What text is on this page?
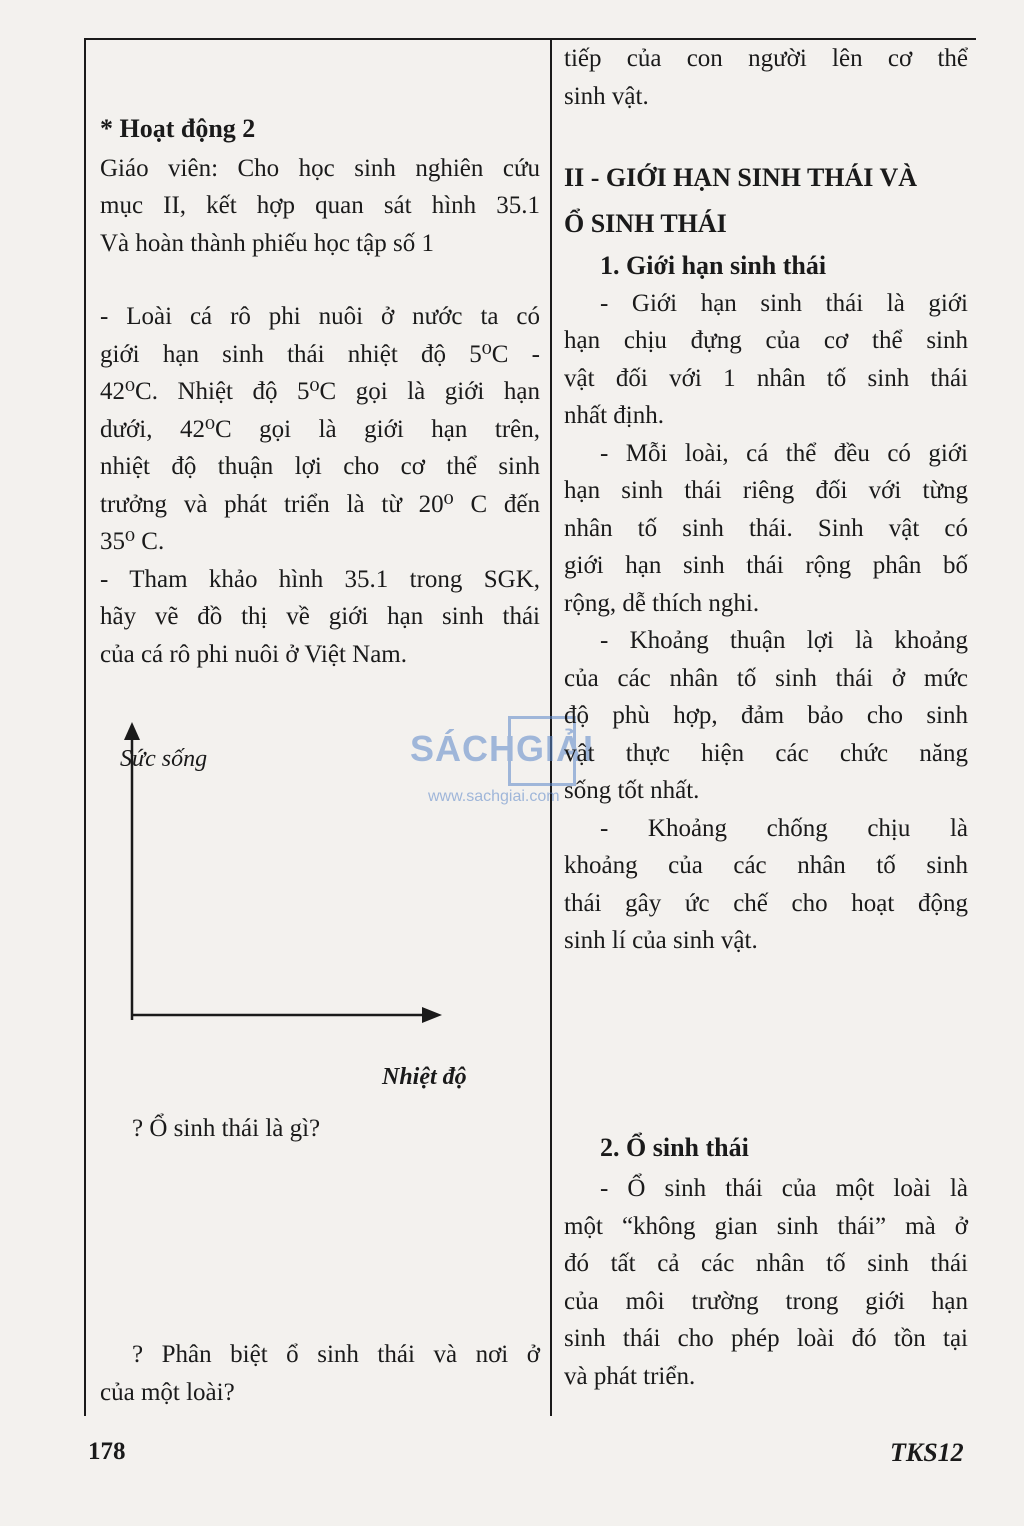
* Hoạt động 2

Giáo viên: Cho học sinh nghiên cứu

mục II, kết hợp quan sát hình 35.1

Và hoàn thành phiếu học tập số 1

- Loài cá rô phi nuôi ở nước ta có

giới hạn sinh thái nhiệt độ 5⁰C -

42⁰C. Nhiệt độ 5⁰C gọi là giới hạn

dưới, 42⁰C gọi là giới hạn trên,

nhiệt độ thuận lợi cho cơ thể sinh

trưởng và phát triển là từ 20⁰ C đến

35⁰ C.

- Tham khảo hình 35.1 trong SGK,

hãy vẽ đồ thị về giới hạn sinh thái

của cá rô phi nuôi ở Việt Nam.

Sức sống
Nhiệt độ
SÁCHGIẢI
www.sachgiai.com

? Ổ sinh thái là gì?

? Phân biệt ổ sinh thái và nơi ở

của một loài?

tiếp của con người lên cơ thể

sinh vật.

II - GIỚI HẠN SINH THÁI VÀ

Ổ SINH THÁI

1. Giới hạn sinh thái

- Giới hạn sinh thái là giới

hạn chịu đựng của cơ thể sinh

vật đối với 1 nhân tố sinh thái

nhất định.

- Mỗi loài, cá thể đều có giới

hạn sinh thái riêng đối với từng

nhân tố sinh thái. Sinh vật có

giới hạn sinh thái rộng phân bố

rộng, dễ thích nghi.

- Khoảng thuận lợi là khoảng

của các nhân tố sinh thái ở mức

độ phù hợp, đảm bảo cho sinh

vật thực hiện các chức năng

sống tốt nhất.

- Khoảng chống chịu là

khoảng của các nhân tố sinh

thái gây ức chế cho hoạt động

sinh lí của sinh vật.

2. Ổ sinh thái

- Ổ sinh thái của một loài là

một “không gian sinh thái” mà ở

đó tất cả các nhân tố sinh thái

của môi trường trong giới hạn

sinh thái cho phép loài đó tồn tại

và phát triển.

178	TKS12
